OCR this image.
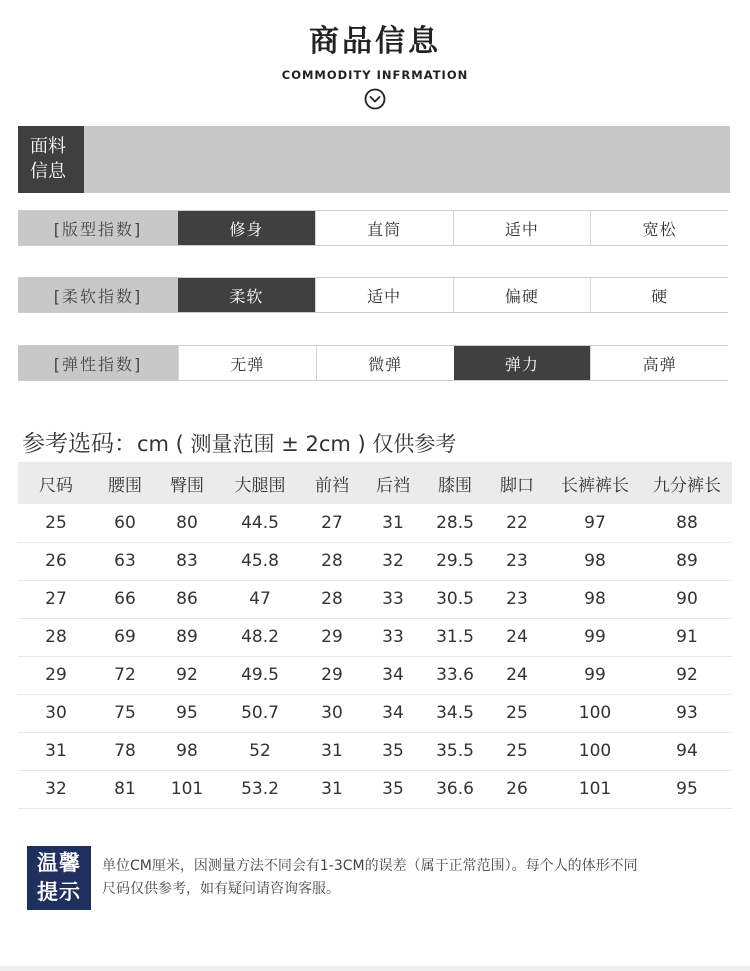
商品信息
COMMODITY INFRMATION
面料
信息
[版型指数]	修身	直筒	适中	宽松
[柔软指数]	柔软	适中	偏硬	硬
[弹性指数]	无弹	微弹	弹力	高弹
参考选码：cm ( 测量范围 ± 2cm ) 仅供参考
尺码	腰围	臀围	大腿围	前裆	后裆	膝围	脚口	长裤裤长	九分裤长
25	60	80	44.5	27	31	28.5	22	97	88
26	63	83	45.8	28	32	29.5	23	98	89
27	66	86	47	28	33	30.5	23	98	90
28	69	89	48.2	29	33	31.5	24	99	91
29	72	92	49.5	29	34	33.6	24	99	92
30	75	95	50.7	30	34	34.5	25	100	93
31	78	98	52	31	35	35.5	25	100	94
32	81	101	53.2	31	35	36.6	26	101	95
温馨
提示
单位CM厘米，因测量方法不同会有1-3CM的误差（属于正常范围）。每个人的体形不同
尺码仅供参考，如有疑问请咨询客服。
